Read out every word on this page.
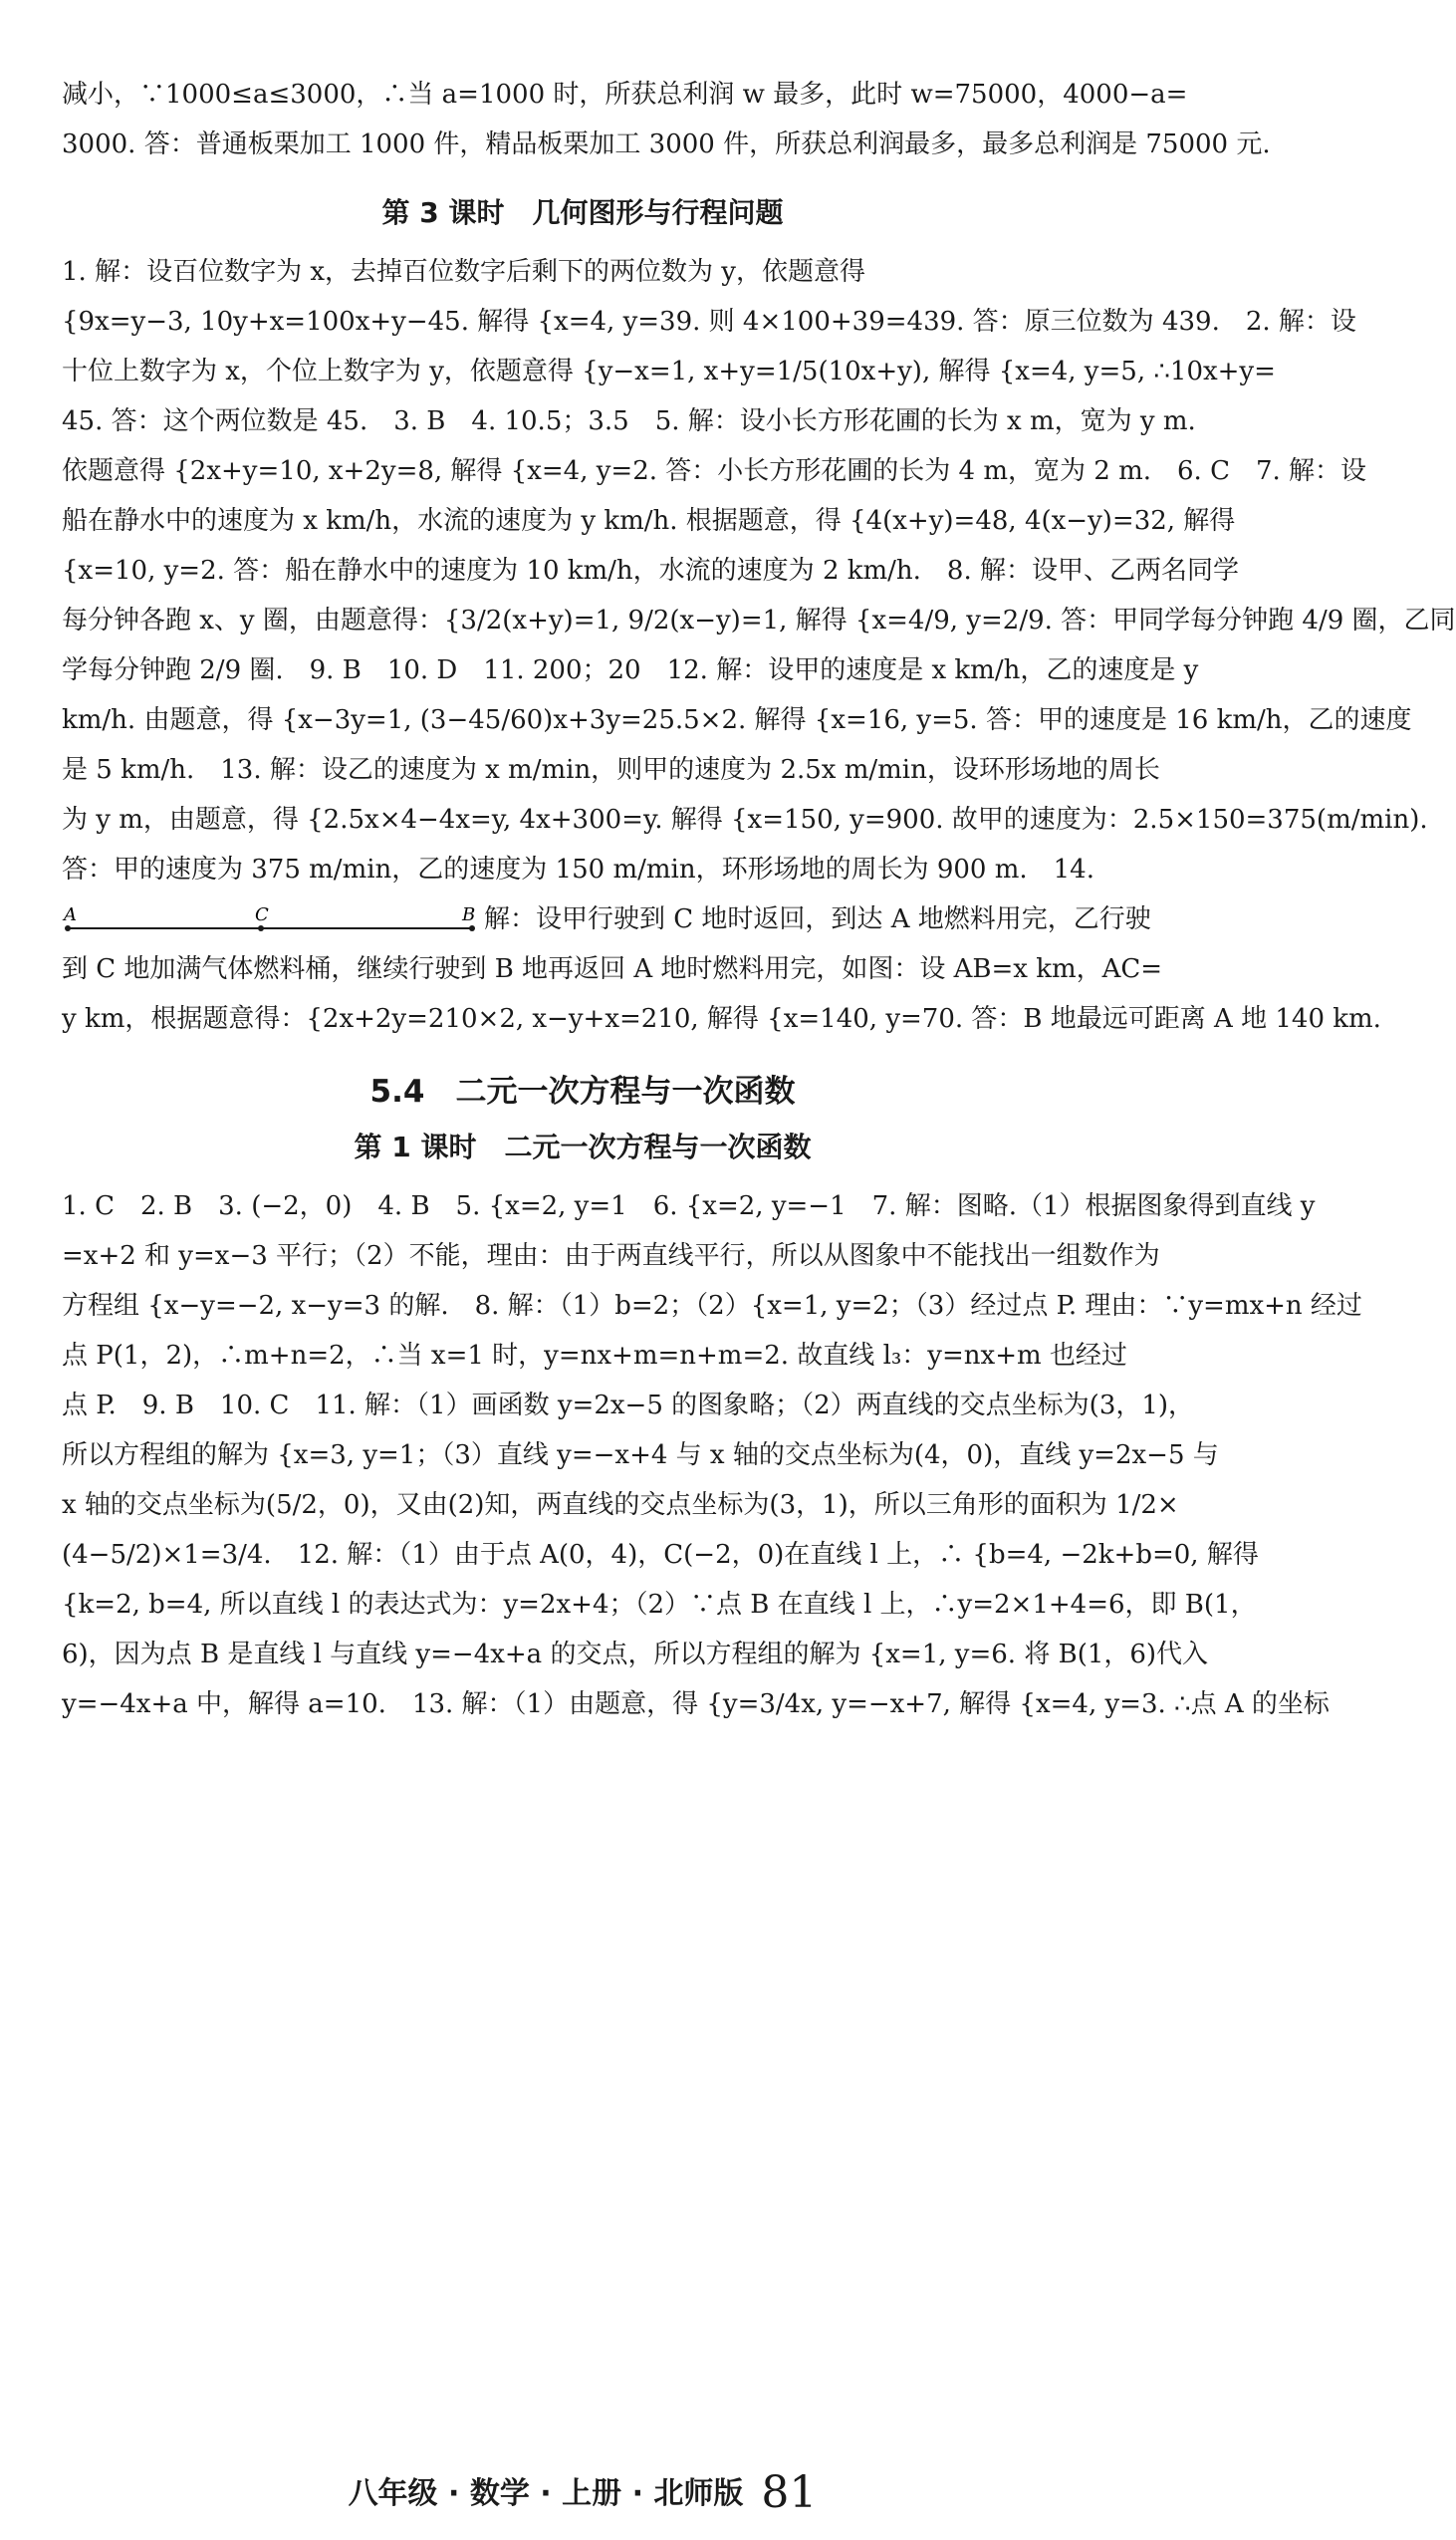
减小，∵1000≤a≤3000，∴当 a=1000 时，所获总利润 w 最多，此时 w=75000，4000−a=

3000. 答：普通板栗加工 1000 件，精品板栗加工 3000 件，所获总利润最多，最多总利润是 75000 元.

第 3 课时　几何图形与行程问题

1. 解：设百位数字为 x，去掉百位数字后剩下的两位数为 y，依题意得

{9x=y−3, 10y+x=100x+y−45. 解得 {x=4, y=39. 则 4×100+39=439. 答：原三位数为 439.　2. 解：设

十位上数字为 x，个位上数字为 y，依题意得 {y−x=1, x+y=1/5(10x+y), 解得 {x=4, y=5, ∴10x+y=

45. 答：这个两位数是 45.　3. B　4. 10.5；3.5　5. 解：设小长方形花圃的长为 x m，宽为 y m.

依题意得 {2x+y=10, x+2y=8, 解得 {x=4, y=2. 答：小长方形花圃的长为 4 m，宽为 2 m.　6. C　7. 解：设

船在静水中的速度为 x km/h，水流的速度为 y km/h. 根据题意，得 {4(x+y)=48, 4(x−y)=32, 解得

{x=10, y=2. 答：船在静水中的速度为 10 km/h，水流的速度为 2 km/h.　8. 解：设甲、乙两名同学

每分钟各跑 x、y 圈，由题意得：{3/2(x+y)=1, 9/2(x−y)=1, 解得 {x=4/9, y=2/9. 答：甲同学每分钟跑 4/9 圈，乙同

学每分钟跑 2/9 圈.　9. B　10. D　11. 200；20　12. 解：设甲的速度是 x km/h，乙的速度是 y

km/h. 由题意，得 {x−3y=1, (3−45/60)x+3y=25.5×2. 解得 {x=16, y=5. 答：甲的速度是 16 km/h，乙的速度

是 5 km/h.　13. 解：设乙的速度为 x m/min，则甲的速度为 2.5x m/min，设环形场地的周长

为 y m，由题意，得 {2.5x×4−4x=y, 4x+300=y. 解得 {x=150, y=900. 故甲的速度为：2.5×150=375(m/min).

答：甲的速度为 375 m/min，乙的速度为 150 m/min，环形场地的周长为 900 m.　14.

A	C	B 解：设甲行驶到 C 地时返回，到达 A 地燃料用完，乙行驶

到 C 地加满气体燃料桶，继续行驶到 B 地再返回 A 地时燃料用完，如图：设 AB=x km，AC=

y km，根据题意得：{2x+2y=210×2, x−y+x=210, 解得 {x=140, y=70. 答：B 地最远可距离 A 地 140 km.

5.4　二元一次方程与一次函数
第 1 课时　二元一次方程与一次函数

1. C　2. B　3. (−2，0)　4. B　5. {x=2, y=1　6. {x=2, y=−1　7. 解：图略.（1）根据图象得到直线 y

=x+2 和 y=x−3 平行；（2）不能，理由：由于两直线平行，所以从图象中不能找出一组数作为

方程组 {x−y=−2, x−y=3 的解.　8. 解：（1）b=2；（2）{x=1, y=2；（3）经过点 P. 理由：∵y=mx+n 经过

点 P(1，2)，∴m+n=2，∴当 x=1 时，y=nx+m=n+m=2. 故直线 l₃：y=nx+m 也经过

点 P.　9. B　10. C　11. 解：（1）画函数 y=2x−5 的图象略；（2）两直线的交点坐标为(3，1)，

所以方程组的解为 {x=3, y=1；（3）直线 y=−x+4 与 x 轴的交点坐标为(4，0)，直线 y=2x−5 与

x 轴的交点坐标为(5/2，0)，又由(2)知，两直线的交点坐标为(3，1)，所以三角形的面积为 1/2×

(4−5/2)×1=3/4.　12. 解：（1）由于点 A(0，4)，C(−2，0)在直线 l 上，∴ {b=4, −2k+b=0, 解得

{k=2, b=4, 所以直线 l 的表达式为：y=2x+4；（2）∵点 B 在直线 l 上，∴y=2×1+4=6，即 B(1，

6)，因为点 B 是直线 l 与直线 y=−4x+a 的交点，所以方程组的解为 {x=1, y=6. 将 B(1，6)代入

y=−4x+a 中，解得 a=10.　13. 解：（1）由题意，得 {y=3/4x, y=−x+7, 解得 {x=4, y=3. ∴点 A 的坐标

八年级 · 数学 · 上册 · 北师版 81
